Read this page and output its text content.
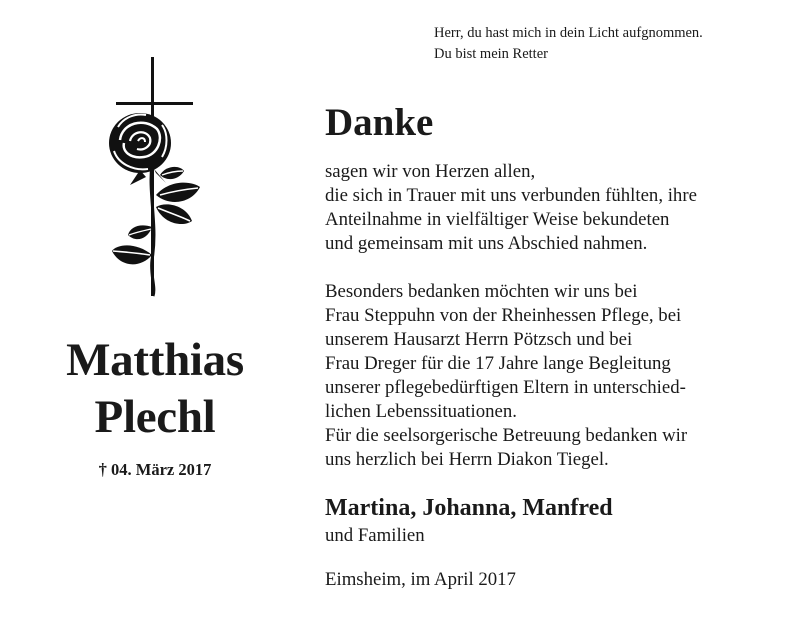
Herr, du hast mich in dein Licht aufgnommen.
Du bist mein Retter
Matthias
Plechl
† 04. März 2017
Danke
sagen wir von Herzen allen,
die sich in Trauer mit uns verbunden fühlten, ihre
Anteilnahme in vielfältiger Weise bekundeten
und gemeinsam mit uns Abschied nahmen.
Besonders bedanken möchten wir uns bei
Frau Steppuhn von der Rheinhessen Pflege, bei
unserem Hausarzt Herrn Pötzsch und bei
Frau Dreger für die 17 Jahre lange Begleitung
unserer pflegebedürftigen Eltern in unterschied-
lichen Lebenssituationen.
Für die seelsorgerische Betreuung bedanken wir
uns herzlich bei Herrn Diakon Tiegel.
Martina, Johanna, Manfred
und Familien
Eimsheim, im April 2017
